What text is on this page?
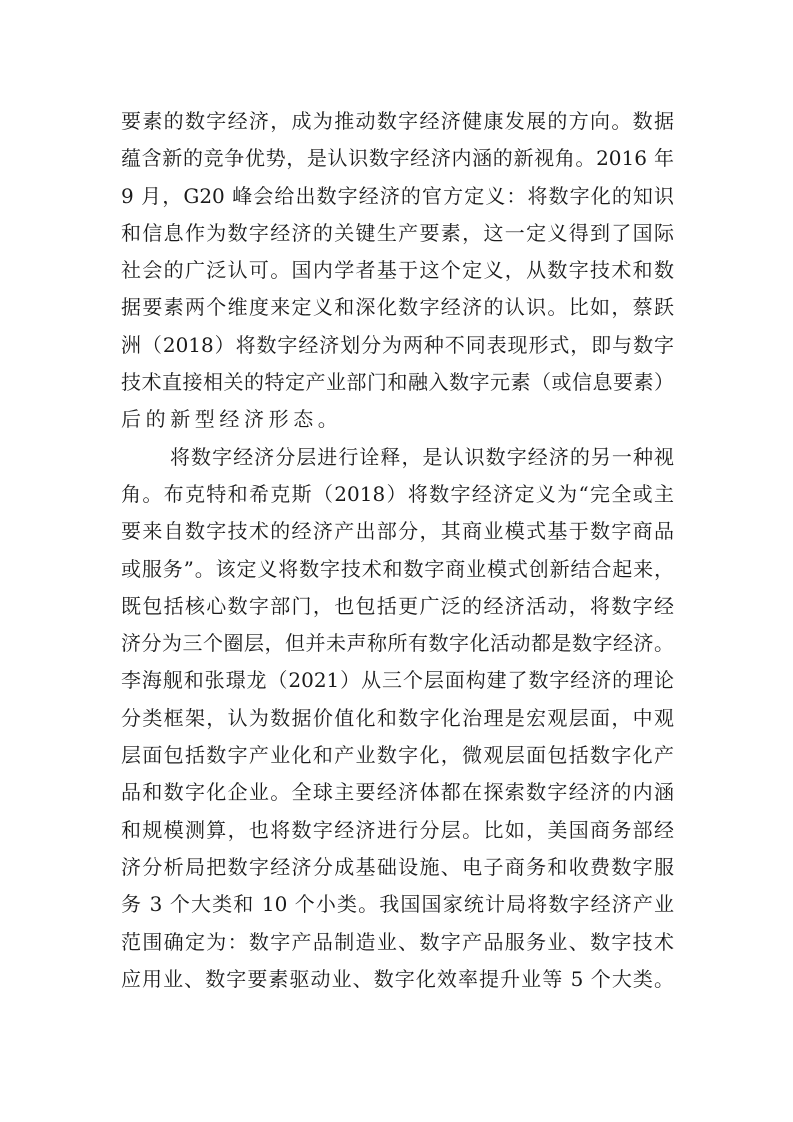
要素的数字经济，成为推动数字经济健康发展的方向。数据
蕴含新的竞争优势，是认识数字经济内涵的新视角。2016 年
9 月，G20 峰会给出数字经济的官方定义：将数字化的知识
和信息作为数字经济的关键生产要素，这一定义得到了国际
社会的广泛认可。国内学者基于这个定义，从数字技术和数
据要素两个维度来定义和深化数字经济的认识。比如，蔡跃
洲（2018）将数字经济划分为两种不同表现形式，即与数字
技术直接相关的特定产业部门和融入数字元素（或信息要素）
后的新型经济形态。
将数字经济分层进行诠释，是认识数字经济的另一种视
角。布克特和希克斯（2018）将数字经济定义为“完全或主
要来自数字技术的经济产出部分，其商业模式基于数字商品
或服务”。该定义将数字技术和数字商业模式创新结合起来，
既包括核心数字部门，也包括更广泛的经济活动，将数字经
济分为三个圈层，但并未声称所有数字化活动都是数字经济。
李海舰和张璟龙（2021）从三个层面构建了数字经济的理论
分类框架，认为数据价值化和数字化治理是宏观层面，中观
层面包括数字产业化和产业数字化，微观层面包括数字化产
品和数字化企业。全球主要经济体都在探索数字经济的内涵
和规模测算，也将数字经济进行分层。比如，美国商务部经
济分析局把数字经济分成基础设施、电子商务和收费数字服
务 3 个大类和 10 个小类。我国国家统计局将数字经济产业
范围确定为：数字产品制造业、数字产品服务业、数字技术
应用业、数字要素驱动业、数字化效率提升业等 5 个大类。
